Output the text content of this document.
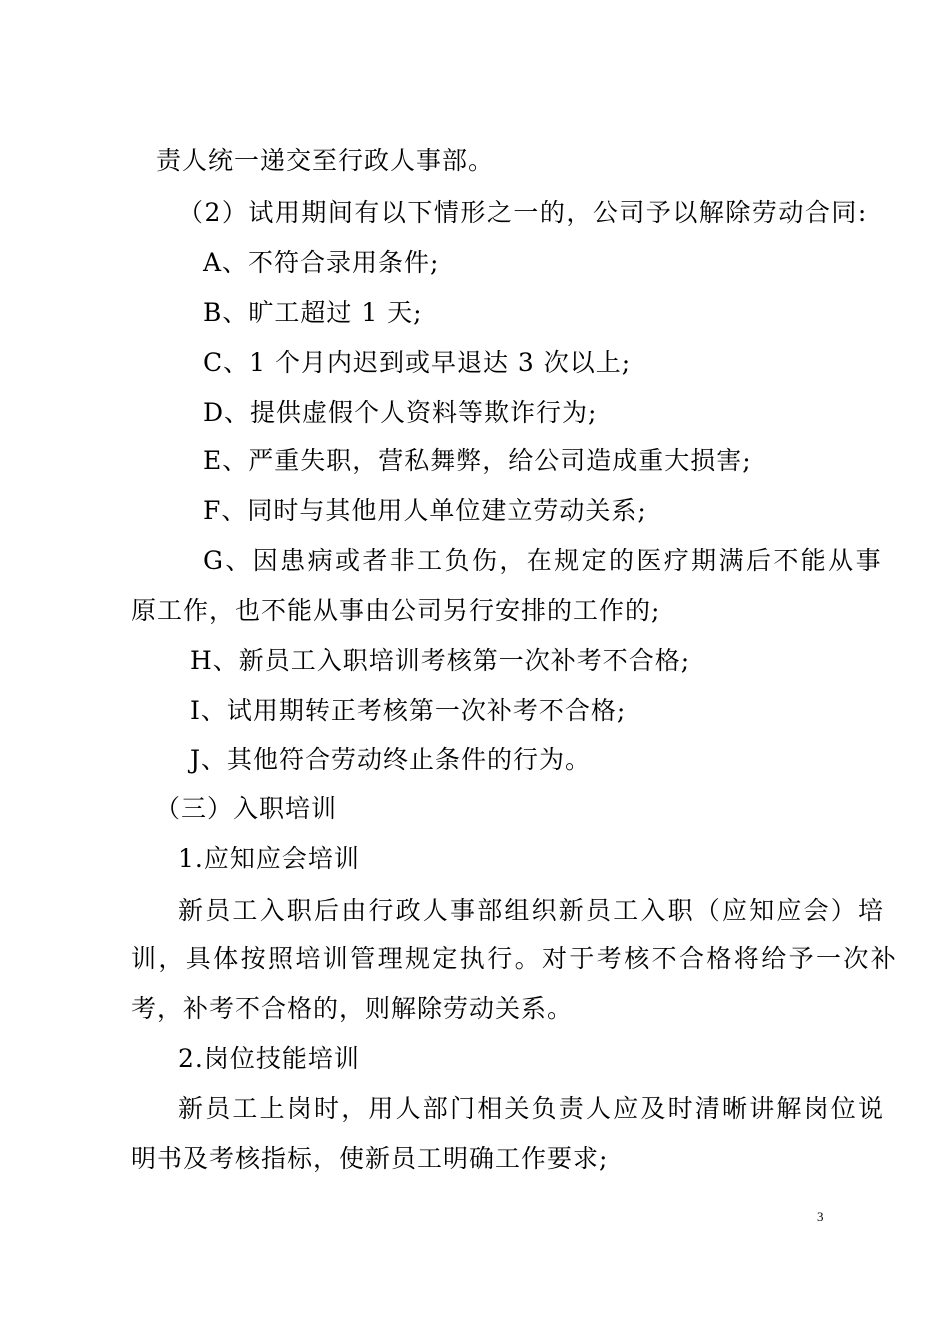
责人统一递交至行政人事部。
（2）试用期间有以下情形之一的，公司予以解除劳动合同:
A、不符合录用条件;
B、旷工超过 1 天;
C、1 个月内迟到或早退达 3 次以上;
D、提供虚假个人资料等欺诈行为;
E、严重失职，营私舞弊，给公司造成重大损害;
F、同时与其他用人单位建立劳动关系;
G、因患病或者非工负伤，在规定的医疗期满后不能从事
原工作，也不能从事由公司另行安排的工作的;
H、新员工入职培训考核第一次补考不合格;
I、试用期转正考核第一次补考不合格;
J、其他符合劳动终止条件的行为。
（三）入职培训
1.应知应会培训
新员工入职后由行政人事部组织新员工入职（应知应会）培
训，具体按照培训管理规定执行。对于考核不合格将给予一次补
考，补考不合格的，则解除劳动关系。
2.岗位技能培训
新员工上岗时，用人部门相关负责人应及时清晰讲解岗位说
明书及考核指标，使新员工明确工作要求;
3
